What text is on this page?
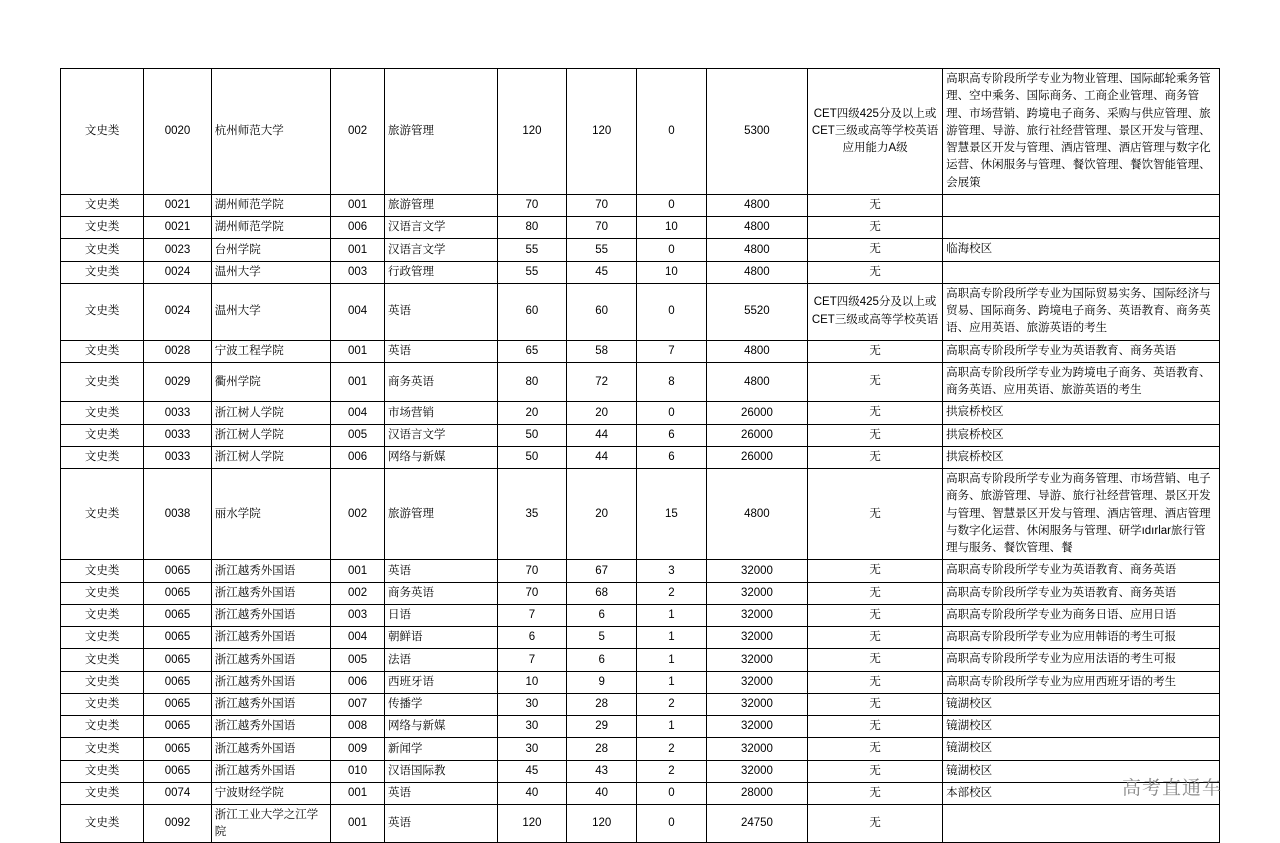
文史类	0020	杭州师范大学	002	旅游管理	120	120	0	5300	CET四级425分及以上或CET三级或高等学校英语应用能力A级	高职高专阶段所学专业为物业管理、国际邮轮乘务管理、空中乘务、国际商务、工商企业管理、商务管理、市场营销、跨境电子商务、采购与供应管理、旅游管理、导游、旅行社经营管理、景区开发与管理、智慧景区开发与管理、酒店管理、酒店管理与数字化运营、休闲服务与管理、餐饮管理、餐饮智能管理、会展策
文史类	0021	湖州师范学院	001	旅游管理	70	70	0	4800	无	
文史类	0021	湖州师范学院	006	汉语言文学	80	70	10	4800	无	
文史类	0023	台州学院	001	汉语言文学	55	55	0	4800	无	临海校区
文史类	0024	温州大学	003	行政管理	55	45	10	4800	无	
文史类	0024	温州大学	004	英语	60	60	0	5520	CET四级425分及以上或CET三级或高等学校英语	高职高专阶段所学专业为国际贸易实务、国际经济与贸易、国际商务、跨境电子商务、英语教育、商务英语、应用英语、旅游英语的考生
文史类	0028	宁波工程学院	001	英语	65	58	7	4800	无	高职高专阶段所学专业为英语教育、商务英语
文史类	0029	衢州学院	001	商务英语	80	72	8	4800	无	高职高专阶段所学专业为跨境电子商务、英语教育、商务英语、应用英语、旅游英语的考生
文史类	0033	浙江树人学院	004	市场营销	20	20	0	26000	无	拱宸桥校区
文史类	0033	浙江树人学院	005	汉语言文学	50	44	6	26000	无	拱宸桥校区
文史类	0033	浙江树人学院	006	网络与新媒	50	44	6	26000	无	拱宸桥校区
文史类	0038	丽水学院	002	旅游管理	35	20	15	4800	无	高职高专阶段所学专业为商务管理、市场营销、电子商务、旅游管理、导游、旅行社经营管理、景区开发与管理、智慧景区开发与管理、酒店管理、酒店管理与数字化运营、休闲服务与管理、研学ıdırlar旅行管理与服务、餐饮管理、餐
文史类	0065	浙江越秀外国语	001	英语	70	67	3	32000	无	高职高专阶段所学专业为英语教育、商务英语
文史类	0065	浙江越秀外国语	002	商务英语	70	68	2	32000	无	高职高专阶段所学专业为英语教育、商务英语
文史类	0065	浙江越秀外国语	003	日语	7	6	1	32000	无	高职高专阶段所学专业为商务日语、应用日语
文史类	0065	浙江越秀外国语	004	朝鲜语	6	5	1	32000	无	高职高专阶段所学专业为应用韩语的考生可报
文史类	0065	浙江越秀外国语	005	法语	7	6	1	32000	无	高职高专阶段所学专业为应用法语的考生可报
文史类	0065	浙江越秀外国语	006	西班牙语	10	9	1	32000	无	高职高专阶段所学专业为应用西班牙语的考生
文史类	0065	浙江越秀外国语	007	传播学	30	28	2	32000	无	镜湖校区
文史类	0065	浙江越秀外国语	008	网络与新媒	30	29	1	32000	无	镜湖校区
文史类	0065	浙江越秀外国语	009	新闻学	30	28	2	32000	无	镜湖校区
文史类	0065	浙江越秀外国语	010	汉语国际教	45	43	2	32000	无	镜湖校区
文史类	0074	宁波财经学院	001	英语	40	40	0	28000	无	本部校区
文史类	0092	浙江工业大学之江学院	001	英语	120	120	0	24750	无	
高考直通车
